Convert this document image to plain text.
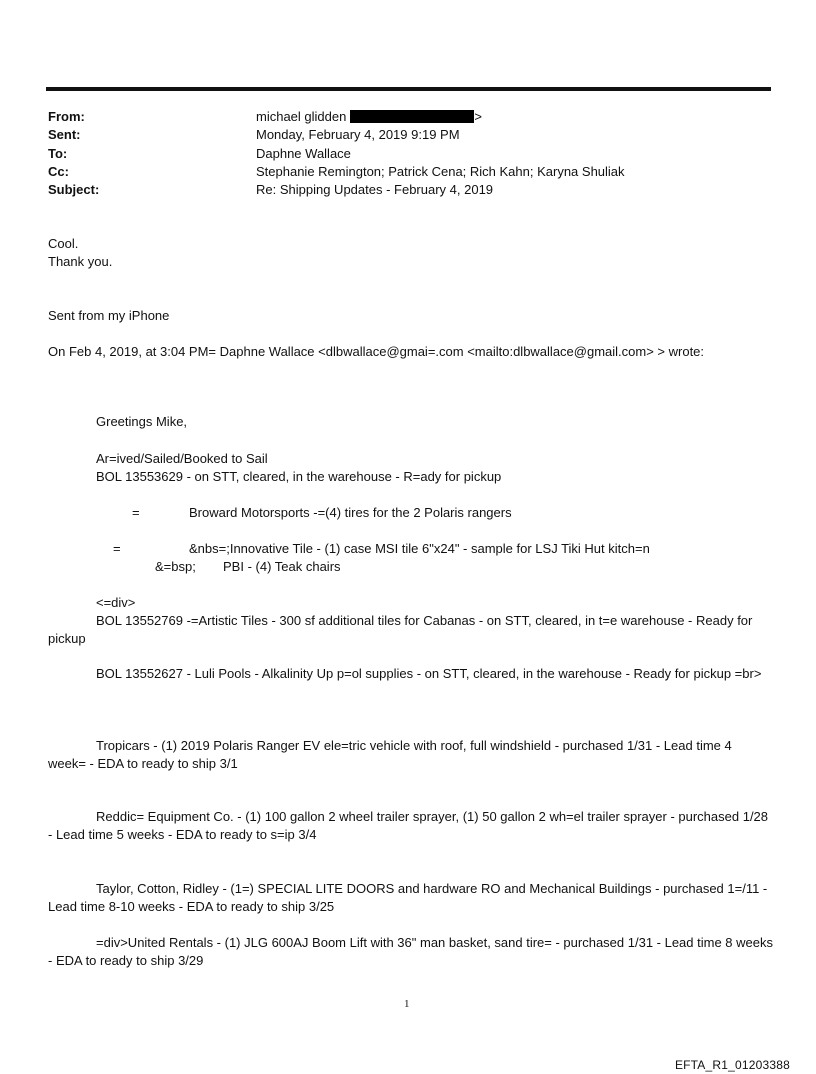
From:	michael glidden	>
Sent:	Monday, February 4, 2019 9:19 PM
To:	Daphne Wallace
Cc:	Stephanie Remington; Patrick Cena; Rich Kahn; Karyna Shuliak
Subject:	Re: Shipping Updates - February 4, 2019
Cool.
Thank you.
Sent from my iPhone
On Feb 4, 2019, at 3:04 PM= Daphne Wallace <dlbwallace@gmai=.com <mailto:dlbwallace@gmail.com> > wrote:
Greetings Mike,
Ar=ived/Sailed/Booked to Sail
BOL 13553629 - on STT, cleared, in the warehouse - R=ady for pickup
=	Broward Motorsports -=(4) tires for the 2 Polaris rangers
=	&nbs=;Innovative Tile - (1) case MSI tile 6"x24" - sample for LSJ Tiki Hut kitch=n
&=bsp; PBI - (4) Teak chairs
<=div>
BOL 13552769 -=Artistic Tiles - 300 sf additional tiles for Cabanas - on STT, cleared, in t=e warehouse - Ready for pickup
BOL 13552627 - Luli Pools - Alkalinity Up p=ol supplies - on STT, cleared, in the warehouse - Ready for pickup =br>
Tropicars - (1) 2019 Polaris Ranger EV ele=tric vehicle with roof, full windshield - purchased 1/31 - Lead time 4 week= - EDA to ready to ship 3/1
Reddic= Equipment Co. - (1) 100 gallon 2 wheel trailer sprayer, (1) 50 gallon 2 wh=el trailer sprayer - purchased 1/28 - Lead time 5 weeks - EDA to ready to s=ip 3/4
Taylor, Cotton, Ridley - (1=) SPECIAL LITE DOORS and hardware RO and Mechanical Buildings - purchased 1=/11 - Lead time 8-10 weeks - EDA to ready to ship 3/25
=div>United Rentals - (1) JLG 600AJ Boom Lift with 36" man basket, sand tire= - purchased 1/31 - Lead time 8 weeks - EDA to ready to ship 3/29
1
EFTA_R1_01203388
